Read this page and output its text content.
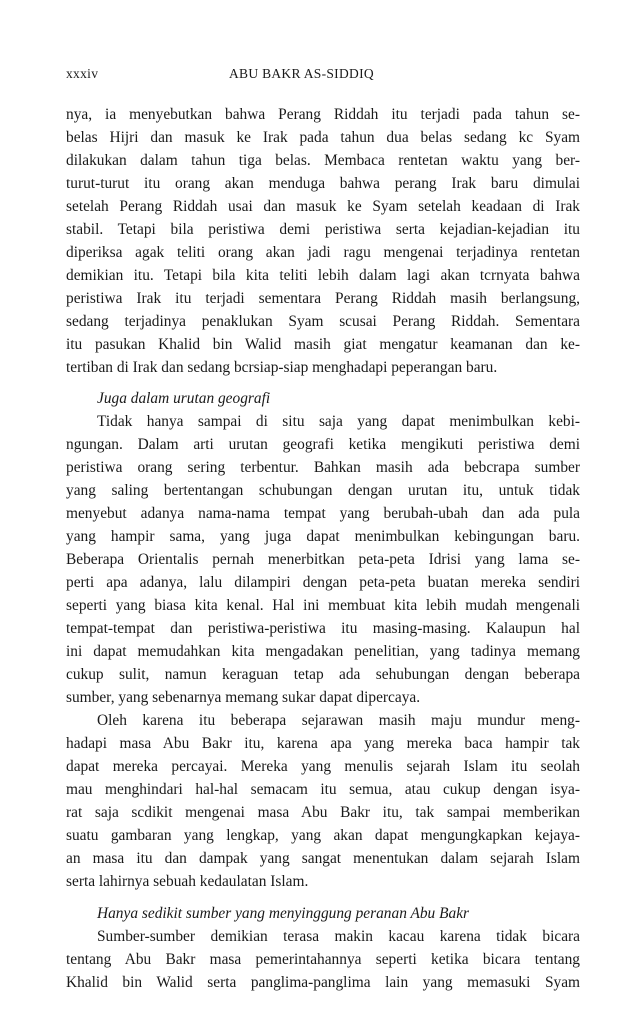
xxxiv	ABU BAKR AS-SIDDIQ
nya, ia menyebutkan bahwa Perang Riddah itu terjadi pada tahun se-
belas Hijri dan masuk ke Irak pada tahun dua belas sedang kc Syam
dilakukan dalam tahun tiga belas. Membaca rentetan waktu yang ber-
turut-turut itu orang akan menduga bahwa perang Irak baru dimulai
setelah Perang Riddah usai dan masuk ke Syam setelah keadaan di Irak
stabil. Tetapi bila peristiwa demi peristiwa serta kejadian-kejadian itu
diperiksa agak teliti orang akan jadi ragu mengenai terjadinya rentetan
demikian itu. Tetapi bila kita teliti lebih dalam lagi akan tcrnyata bahwa
peristiwa Irak itu terjadi sementara Perang Riddah masih berlangsung,
sedang terjadinya penaklukan Syam scusai Perang Riddah. Sementara
itu pasukan Khalid bin Walid masih giat mengatur keamanan dan ke-
tertiban di Irak dan sedang bcrsiap-siap menghadapi peperangan baru.
Juga dalam urutan geografi
Tidak hanya sampai di situ saja yang dapat menimbulkan kebi-
ngungan. Dalam arti urutan geografi ketika mengikuti peristiwa demi
peristiwa orang sering terbentur. Bahkan masih ada bebcrapa sumber
yang saling bertentangan schubungan dengan urutan itu, untuk tidak
menyebut adanya nama-nama tempat yang berubah-ubah dan ada pula
yang hampir sama, yang juga dapat menimbulkan kebingungan baru.
Beberapa Orientalis pernah menerbitkan peta-peta Idrisi yang lama se-
perti apa adanya, lalu dilampiri dengan peta-peta buatan mereka sendiri
seperti yang biasa kita kenal. Hal ini membuat kita lebih mudah mengenali
tempat-tempat dan peristiwa-peristiwa itu masing-masing. Kalaupun hal
ini dapat memudahkan kita mengadakan penelitian, yang tadinya memang
cukup sulit, namun keraguan tetap ada sehubungan dengan beberapa
sumber, yang sebenarnya memang sukar dapat dipercaya.
Oleh karena itu beberapa sejarawan masih maju mundur meng-
hadapi masa Abu Bakr itu, karena apa yang mereka baca hampir tak
dapat mereka percayai. Mereka yang menulis sejarah Islam itu seolah
mau menghindari hal-hal semacam itu semua, atau cukup dengan isya-
rat saja scdikit mengenai masa Abu Bakr itu, tak sampai memberikan
suatu gambaran yang lengkap, yang akan dapat mengungkapkan kejaya-
an masa itu dan dampak yang sangat menentukan dalam sejarah Islam
serta lahirnya sebuah kedaulatan Islam.
Hanya sedikit sumber yang menyinggung peranan Abu Bakr
Sumber-sumber demikian terasa makin kacau karena tidak bicara
tentang Abu Bakr masa pemerintahannya seperti ketika bicara tentang
Khalid bin Walid serta panglima-panglima lain yang memasuki Syam
